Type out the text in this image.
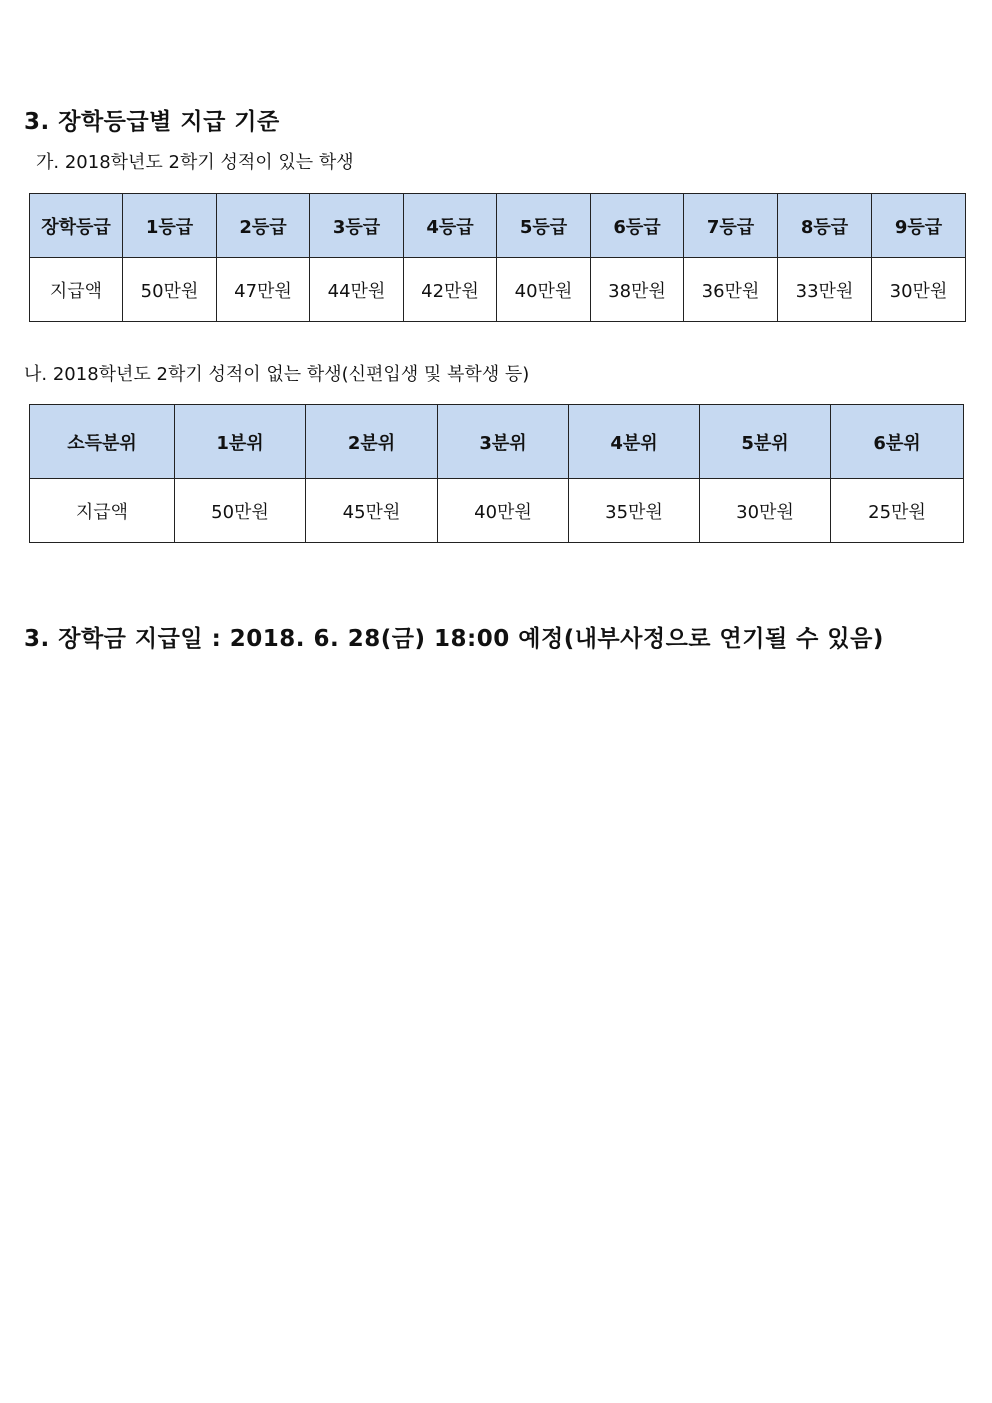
3. 장학등급별 지급 기준
가. 2018학년도 2학기 성적이 있는 학생
장학등급	1등급	2등급	3등급	4등급	5등급	6등급	7등급	8등급	9등급
지급액	50만원	47만원	44만원	42만원	40만원	38만원	36만원	33만원	30만원
나. 2018학년도 2학기 성적이 없는 학생(신편입생 및 복학생 등)
소득분위	1분위	2분위	3분위	4분위	5분위	6분위
지급액	50만원	45만원	40만원	35만원	30만원	25만원
3. 장학금 지급일 : 2018. 6. 28(금) 18:00 예정(내부사정으로 연기될 수 있음)
